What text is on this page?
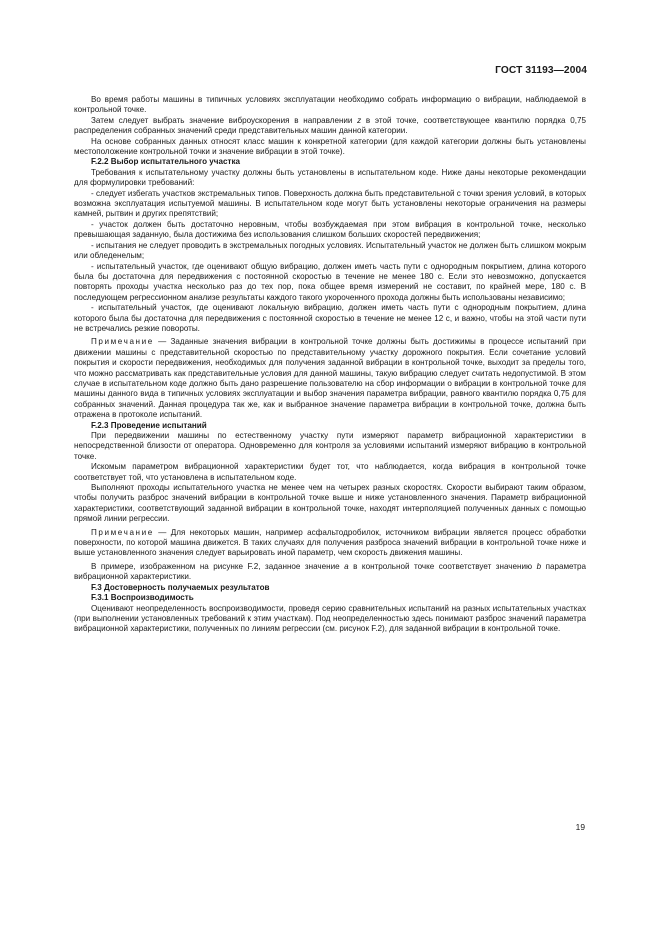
ГОСТ 31193—2004

Во время работы машины в типичных условиях эксплуатации необходимо собрать информацию о вибрации, наблюдаемой в контрольной точке.

Затем следует выбрать значение виброускорения в направлении z в этой точке, соответствующее квантилю порядка 0,75 распределения собранных значений среди представительных машин данной категории.

На основе собранных данных относят класс машин к конкретной категории (для каждой категории должны быть установлены местоположение контрольной точки и значение вибрации в этой точке).

F.2.2 Выбор испытательного участка

Требования к испытательному участку должны быть установлены в испытательном коде. Ниже даны некоторые рекомендации для формулировки требований:

- следует избегать участков экстремальных типов. Поверхность должна быть представительной с точки зрения условий, в которых возможна эксплуатация испытуемой машины. В испытательном коде могут быть установлены некоторые ограничения на размеры камней, рытвин и других препятствий;

- участок должен быть достаточно неровным, чтобы возбуждаемая при этом вибрация в контрольной точке, несколько превышающая заданную, была достижима без использования слишком больших скоростей передвижения;

- испытания не следует проводить в экстремальных погодных условиях. Испытательный участок не должен быть слишком мокрым или обледенелым;

- испытательный участок, где оценивают общую вибрацию, должен иметь часть пути с однородным покрытием, длина которого была бы достаточна для передвижения с постоянной скоростью в течение не менее 180 с. Если это невозможно, допускается повторять проходы участка несколько раз до тех пор, пока общее время измерений не составит, по крайней мере, 180 с. В последующем регрессионном анализе результаты каждого такого укороченного прохода должны быть использованы независимо;

- испытательный участок, где оценивают локальную вибрацию, должен иметь часть пути с однородным покрытием, длина которого была бы достаточна для передвижения с постоянной скоростью в течение не менее 12 с, и важно, чтобы на этой части пути не встречались резкие повороты.

Примечание — Заданные значения вибрации в контрольной точке должны быть достижимы в процессе испытаний при движении машины с представительной скоростью по представительному участку дорожного покрытия. Если сочетание условий покрытия и скорости передвижения, необходимых для получения заданной вибрации в контрольной точке, выходит за пределы того, что можно рассматривать как представительные условия для данной машины, такую вибрацию следует считать недопустимой. В этом случае в испытательном коде должно быть дано разрешение пользователю на сбор информации о вибрации в контрольной точке для машины данного вида в типичных условиях эксплуатации и выбор значения параметра вибрации, равного квантилю порядка 0,75 для собранных значений. Данная процедура так же, как и выбранное значение параметра вибрации в контрольной точке, должна быть отражена в протоколе испытаний.

F.2.3 Проведение испытаний

При передвижении машины по естественному участку пути измеряют параметр вибрационной характеристики в непосредственной близости от оператора. Одновременно для контроля за условиями испытаний измеряют вибрацию в контрольной точке.

Искомым параметром вибрационной характеристики будет тот, что наблюдается, когда вибрация в контрольной точке соответствует той, что установлена в испытательном коде.

Выполняют проходы испытательного участка не менее чем на четырех разных скоростях. Скорости выбирают таким образом, чтобы получить разброс значений вибрации в контрольной точке выше и ниже установленного значения. Параметр вибрационной характеристики, соответствующий заданной вибрации в контрольной точке, находят интерполяцией полученных данных с помощью прямой линии регрессии.

Примечание — Для некоторых машин, например асфальтодробилок, источником вибрации является процесс обработки поверхности, по которой машина движется. В таких случаях для получения разброса значений вибрации в контрольной точке ниже и выше установленного значения следует варьировать иной параметр, чем скорость движения машины.

В примере, изображенном на рисунке F.2, заданное значение a в контрольной точке соответствует значению b параметра вибрационной характеристики.

F.3 Достоверность получаемых результатов

F.3.1 Воспроизводимость

Оценивают неопределенность воспроизводимости, проведя серию сравнительных испытаний на разных испытательных участках (при выполнении установленных требований к этим участкам). Под неопределенностью здесь понимают разброс значений параметра вибрационной характеристики, полученных по линиям регрессии (см. рисунок F.2), для заданной вибрации в контрольной точке.

19
